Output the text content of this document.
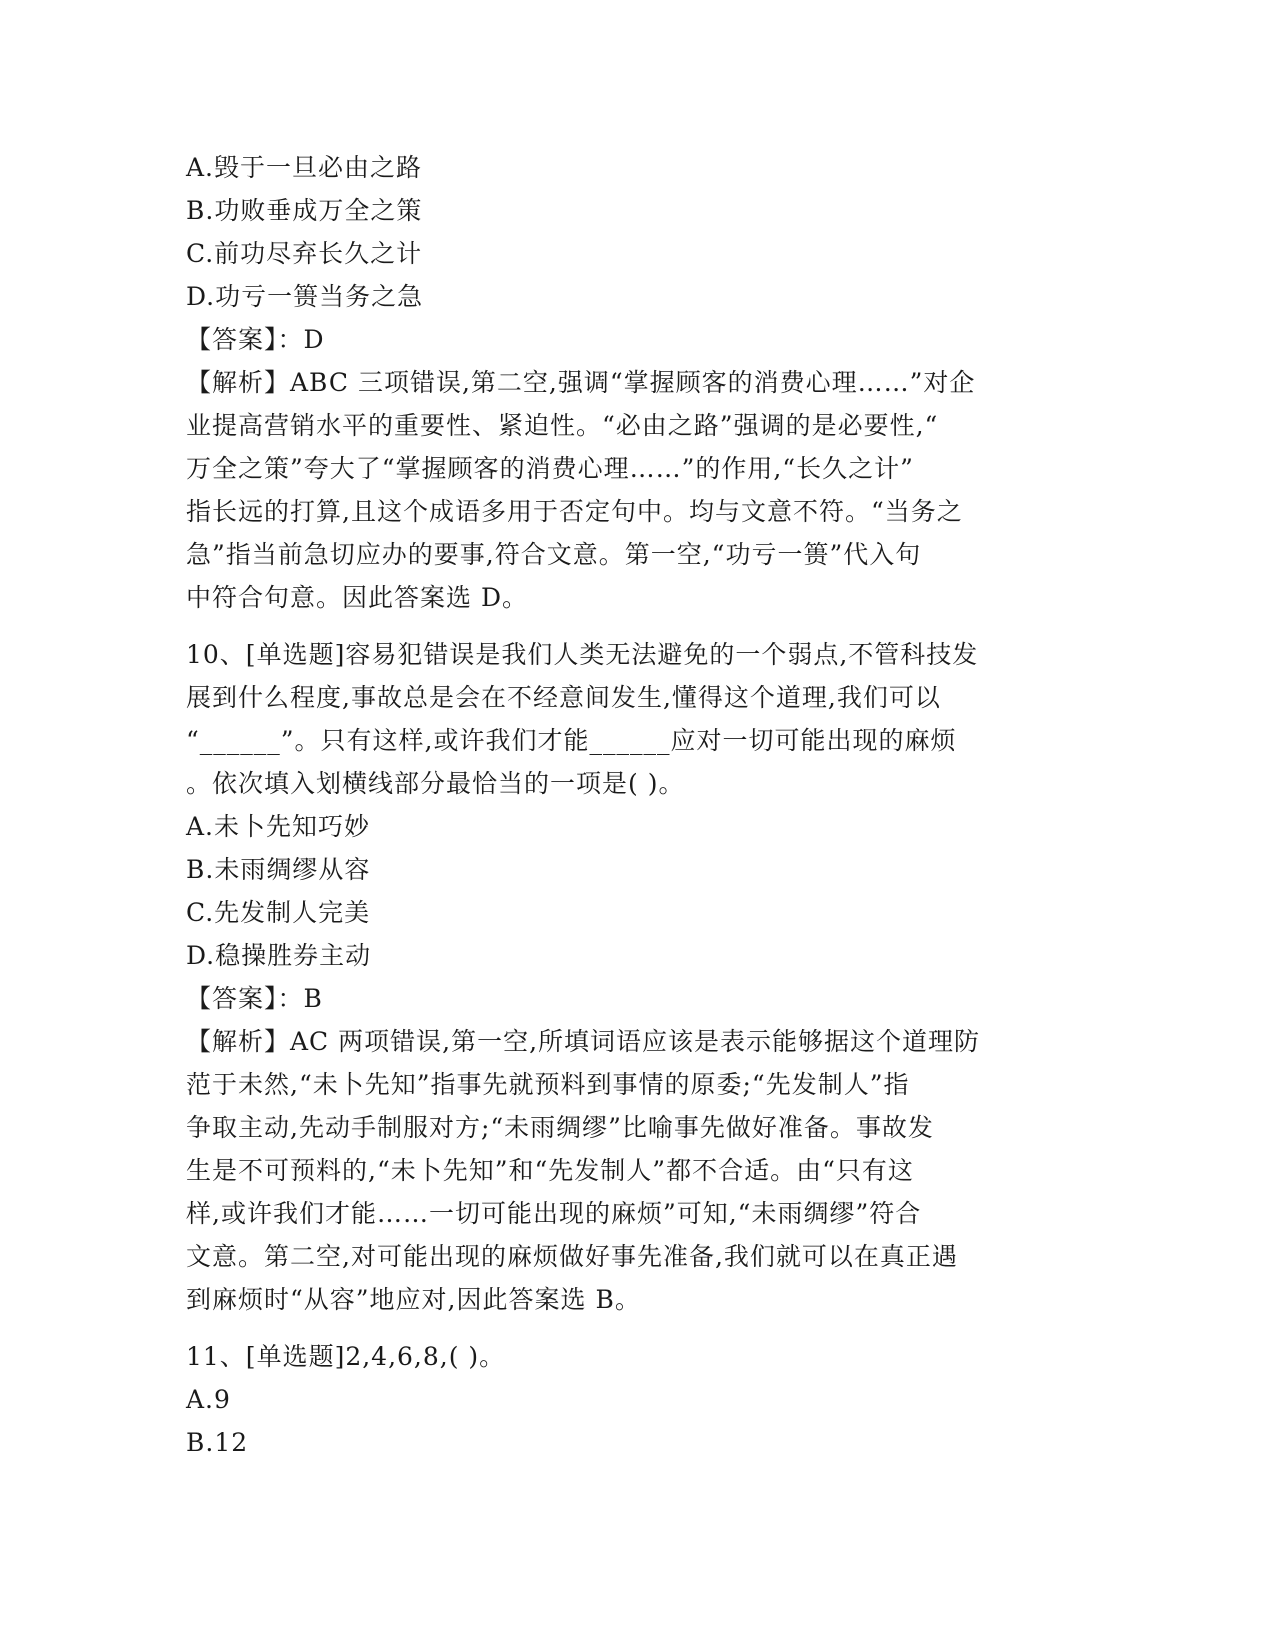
A.毁于一旦必由之路
B.功败垂成万全之策
C.前功尽弃长久之计
D.功亏一篑当务之急
【答案】：D
【解析】ABC 三项错误,第二空,强调“掌握顾客的消费心理……”对企
业提高营销水平的重要性、紧迫性。“必由之路”强调的是必要性,“
万全之策”夸大了“掌握顾客的消费心理……”的作用,“长久之计”
指长远的打算,且这个成语多用于否定句中。均与文意不符。“当务之
急”指当前急切应办的要事,符合文意。第一空,“功亏一篑”代入句
中符合句意。因此答案选 D。
10、[单选题]容易犯错误是我们人类无法避免的一个弱点,不管科技发
展到什么程度,事故总是会在不经意间发生,懂得这个道理,我们可以
“______”。只有这样,或许我们才能______应对一切可能出现的麻烦
。依次填入划横线部分最恰当的一项是( )。
A.未卜先知巧妙
B.未雨绸缪从容
C.先发制人完美
D.稳操胜券主动
【答案】：B
【解析】AC 两项错误,第一空,所填词语应该是表示能够据这个道理防
范于未然,“未卜先知”指事先就预料到事情的原委;“先发制人”指
争取主动,先动手制服对方;“未雨绸缪”比喻事先做好准备。事故发
生是不可预料的,“未卜先知”和“先发制人”都不合适。由“只有这
样,或许我们才能……一切可能出现的麻烦”可知,“未雨绸缪”符合
文意。第二空,对可能出现的麻烦做好事先准备,我们就可以在真正遇
到麻烦时“从容”地应对,因此答案选 B。
11、[单选题]2,4,6,8,( )。
A.9
B.12
